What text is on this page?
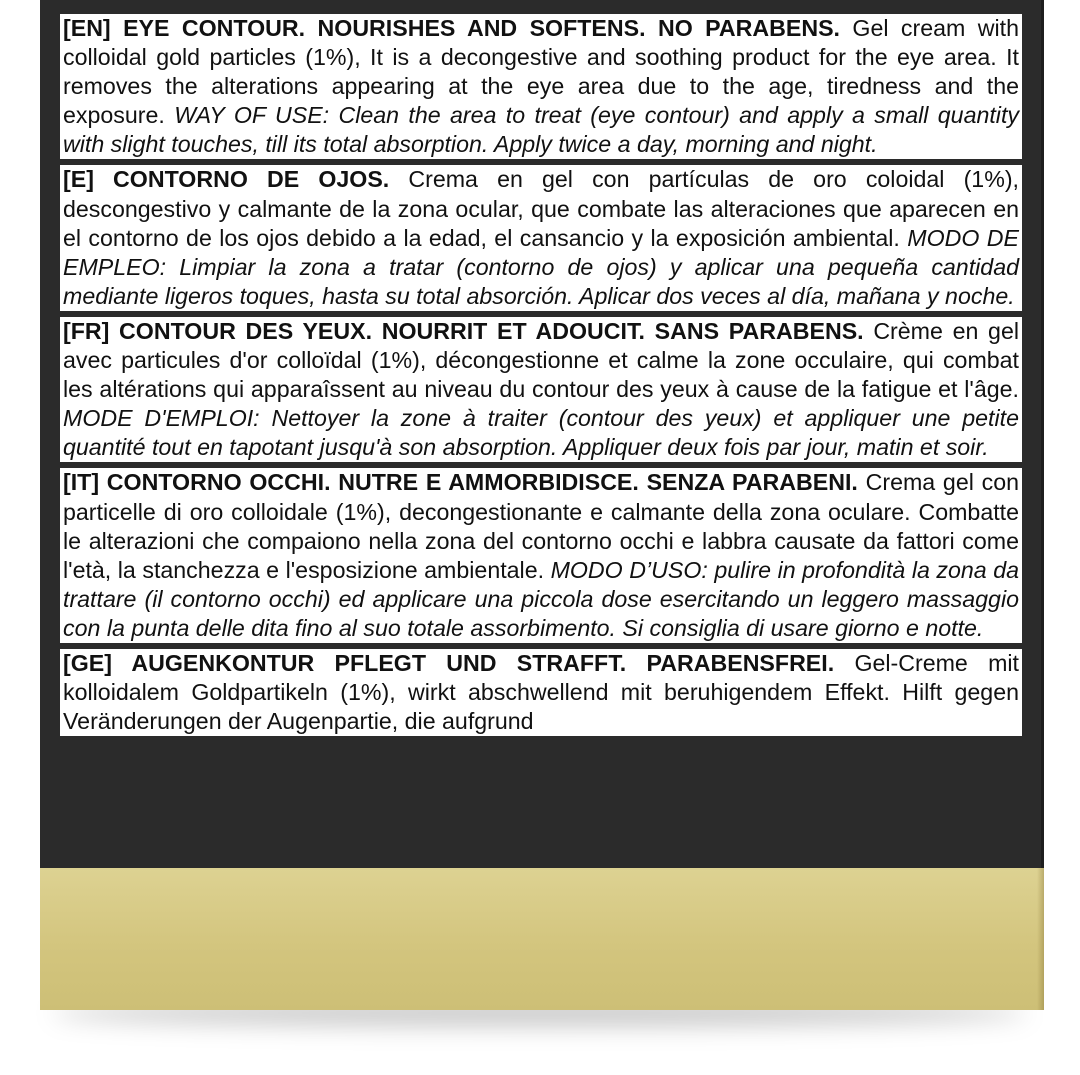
[EN] EYE CONTOUR. NOURISHES AND SOFTENS. NO PARABENS. Gel cream with colloidal gold particles (1%), It is a decongestive and soothing product for the eye area. It removes the alterations appearing at the eye area due to the age, tiredness and the exposure. WAY OF USE: Clean the area to treat (eye contour) and apply a small quantity with slight touches, till its total absorption. Apply twice a day, morning and night.
[E] CONTORNO DE OJOS. Crema en gel con partículas de oro coloidal (1%), descongestivo y calmante de la zona ocular, que combate las alteraciones que aparecen en el contorno de los ojos debido a la edad, el cansancio y la exposición ambiental. MODO DE EMPLEO: Limpiar la zona a tratar (contorno de ojos) y aplicar una pequeña cantidad mediante ligeros toques, hasta su total absorción. Aplicar dos veces al día, mañana y noche.
[FR] CONTOUR DES YEUX. NOURRIT ET ADOUCIT. SANS PARABENS. Crème en gel avec particules d'or colloïdal (1%), décongestionne et calme la zone occulaire, qui combat les altérations qui apparaîssent au niveau du contour des yeux à cause de la fatigue et l'âge. MODE D'EMPLOI: Nettoyer la zone à traiter (contour des yeux) et appliquer une petite quantité tout en tapotant jusqu'à son absorption. Appliquer deux fois par jour, matin et soir.
[IT] CONTORNO OCCHI. NUTRE E AMMORBIDISCE. SENZA PARABENI. Crema gel con particelle di oro colloidale (1%), decongestionante e calmante della zona oculare. Combatte le alterazioni che compaiono nella zona del contorno occhi e labbra causate da fattori come l'età, la stanchezza e l'esposizione ambientale. MODO D’USO: pulire in profondità la zona da trattare (il contorno occhi) ed applicare una piccola dose esercitando un leggero massaggio con la punta delle dita fino al suo totale assorbimento. Si consiglia di usare giorno e notte.
[GE] AUGENKONTUR PFLEGT UND STRAFFT. PARABENSFREI. Gel-Creme mit kolloidalem Goldpartikeln (1%), wirkt abschwellend mit beruhigendem Effekt. Hilft gegen Veränderungen der Augenpartie, die aufgrund
